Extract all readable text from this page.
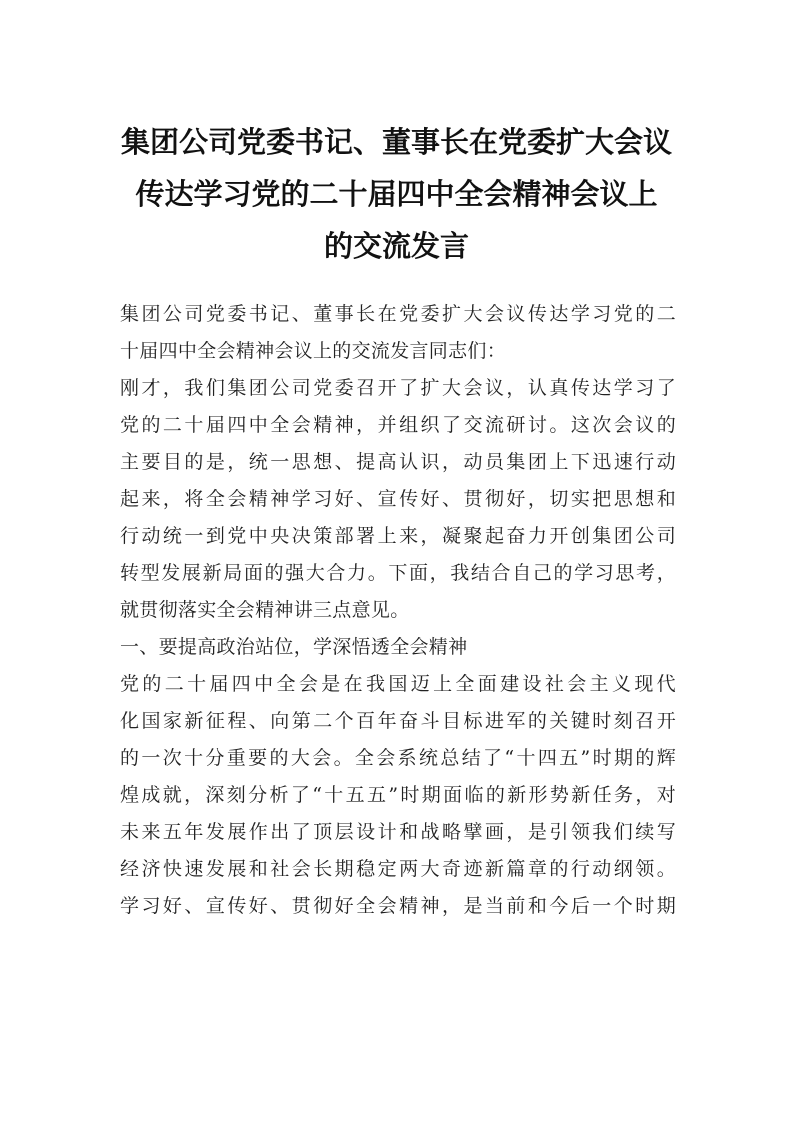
集团公司党委书记、董事长在党委扩大会议
传达学习党的二十届四中全会精神会议上
的交流发言
集团公司党委书记、董事长在党委扩大会议传达学习党的二
十届四中全会精神会议上的交流发言同志们：
刚才，我们集团公司党委召开了扩大会议，认真传达学习了
党的二十届四中全会精神，并组织了交流研讨。这次会议的
主要目的是，统一思想、提高认识，动员集团上下迅速行动
起来，将全会精神学习好、宣传好、贯彻好，切实把思想和
行动统一到党中央决策部署上来，凝聚起奋力开创集团公司
转型发展新局面的强大合力。下面，我结合自己的学习思考，
就贯彻落实全会精神讲三点意见。
一、要提高政治站位，学深悟透全会精神
党的二十届四中全会是在我国迈上全面建设社会主义现代
化国家新征程、向第二个百年奋斗目标进军的关键时刻召开
的一次十分重要的大会。全会系统总结了“十四五”时期的辉
煌成就，深刻分析了“十五五”时期面临的新形势新任务，对
未来五年发展作出了顶层设计和战略擘画，是引领我们续写
经济快速发展和社会长期稳定两大奇迹新篇章的行动纲领。
学习好、宣传好、贯彻好全会精神，是当前和今后一个时期
